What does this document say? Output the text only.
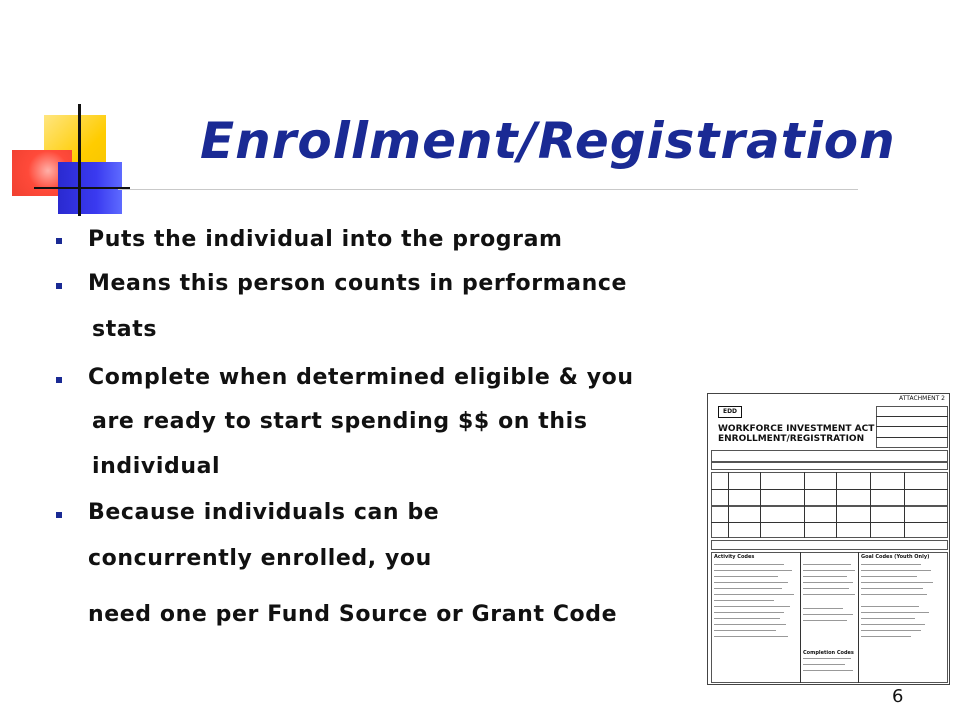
Enrollment/Registration
Puts the individual into the program
Means this person counts in performance
stats
Complete when determined eligible & you
are ready to start spending $$ on this
individual
Because individuals can be
concurrently enrolled, you
need one per Fund Source or Grant Code
ATTACHMENT 2
EDD
WORKFORCE INVESTMENT ACT
ENROLLMENT/REGISTRATION
Activity Codes	Goal Codes (Youth Only)
Completion Codes
6
